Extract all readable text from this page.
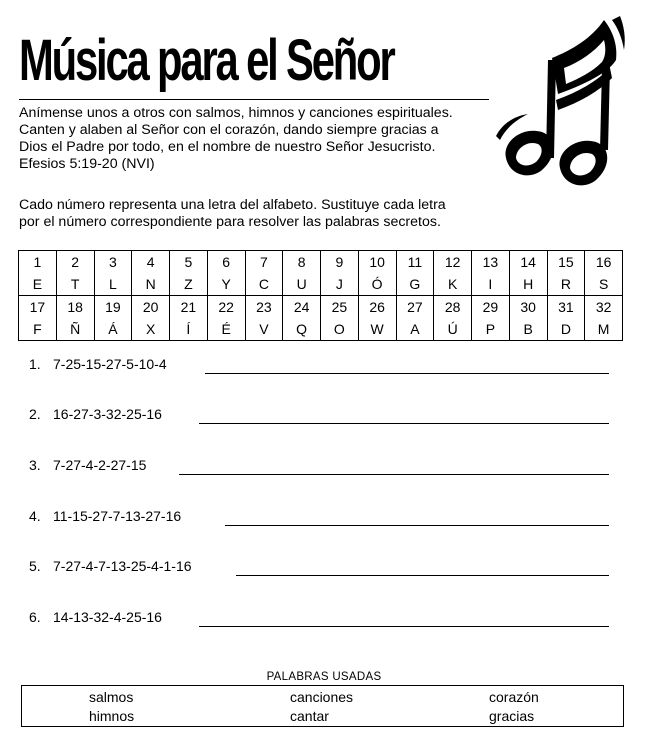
Música para el Señor
Anímense unos a otros con salmos, himnos y canciones espirituales.
Canten y alaben al Señor con el corazón, dando siempre gracias a
Dios el Padre por todo, en el nombre de nuestro Señor Jesucristo.
Efesios 5:19-20 (NVI)
Cado número representa una letra del alfabeto. Sustituye cada letra
por el número correspondiente para resolver las palabras secretos.
1	2	3	4	5	6	7	8	9	10	11	12	13	14	15	16
E	T	L	N	Z	Y	C	U	J	Ó	G	K	I	H	R	S
17	18	19	20	21	22	23	24	25	26	27	28	29	30	31	32
F	Ñ	Á	X	Í	É	V	Q	O	W	A	Ú	P	B	D	M
1. 7-25-15-27-5-10-4
2. 16-27-3-32-25-16
3. 7-27-4-2-27-15
4. 11-15-27-7-13-27-16
5. 7-27-4-7-13-25-4-1-16
6. 14-13-32-4-25-16
PALABRAS USADAS
salmos	canciones	corazón
himnos	cantar	gracias
